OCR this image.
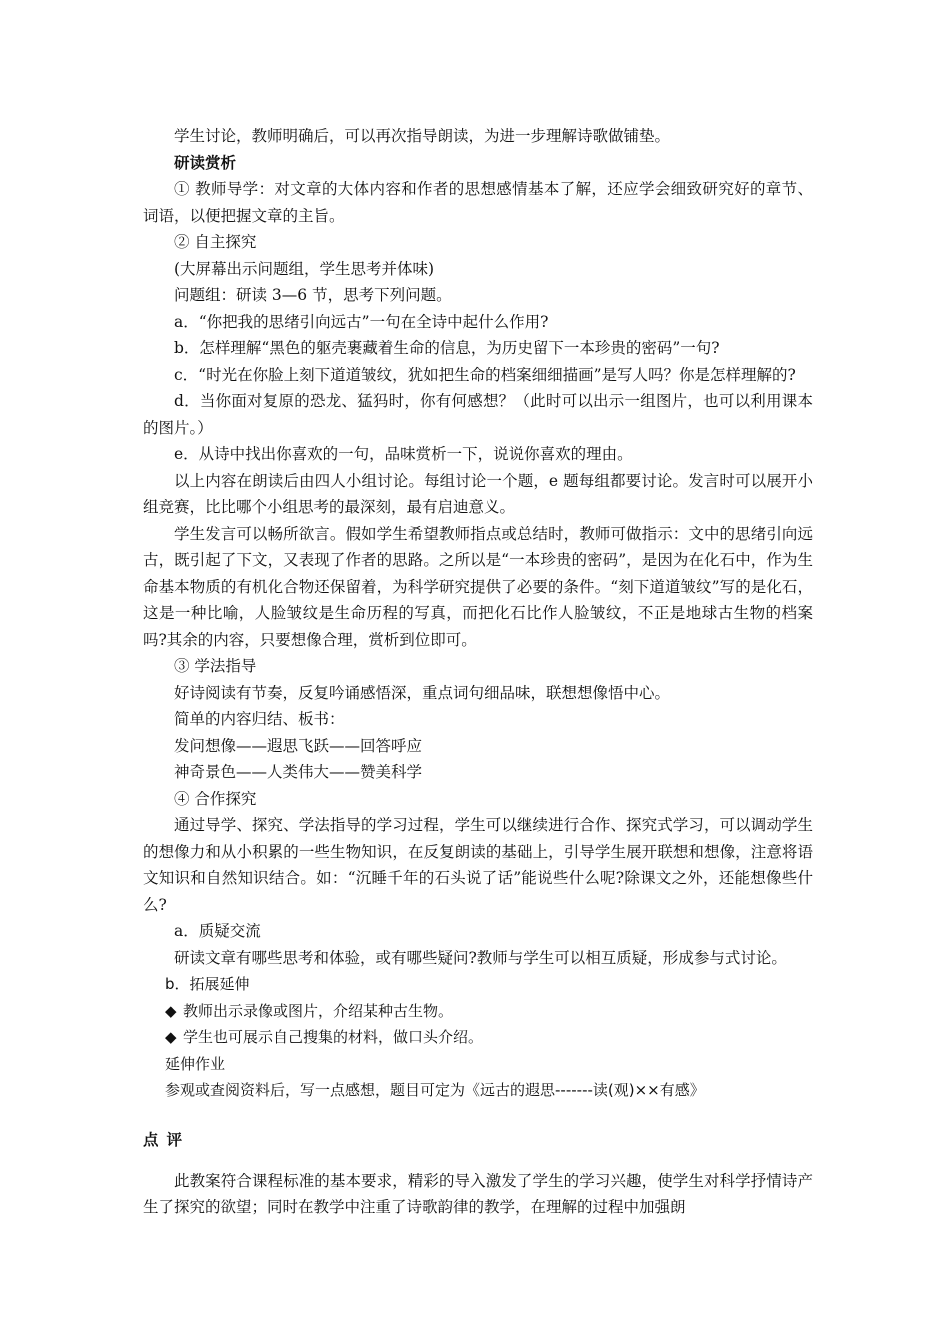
学生讨论，教师明确后，可以再次指导朗读，为进一步理解诗歌做铺垫。

研读赏析

① 教师导学：对文章的大体内容和作者的思想感情基本了解，还应学会细致研究好的章节、词语，以便把握文章的主旨。

② 自主探究

(大屏幕出示问题组，学生思考并体味)

问题组：研读 3—6 节，思考下列问题。

a．“你把我的思绪引向远古”一句在全诗中起什么作用?

b．怎样理解“黑色的躯壳裹藏着生命的信息，为历史留下一本珍贵的密码”一句?

c．“时光在你脸上刻下道道皱纹，犹如把生命的档案细细描画”是写人吗？你是怎样理解的?

d．当你面对复原的恐龙、猛犸时，你有何感想？（此时可以出示一组图片，也可以利用课本的图片。）

e．从诗中找出你喜欢的一句，品味赏析一下，说说你喜欢的理由。

以上内容在朗读后由四人小组讨论。每组讨论一个题，e 题每组都要讨论。发言时可以展开小组竞赛，比比哪个小组思考的最深刻，最有启迪意义。

学生发言可以畅所欲言。假如学生希望教师指点或总结时，教师可做指示：文中的思绪引向远古，既引起了下文，又表现了作者的思路。之所以是“一本珍贵的密码”，是因为在化石中，作为生命基本物质的有机化合物还保留着，为科学研究提供了必要的条件。“刻下道道皱纹”写的是化石，这是一种比喻，人脸皱纹是生命历程的写真，而把化石比作人脸皱纹，不正是地球古生物的档案吗?其余的内容，只要想像合理，赏析到位即可。

③ 学法指导

好诗阅读有节奏，反复吟诵感悟深，重点词句细品味，联想想像悟中心。

简单的内容归结、板书：

发问想像——遐思飞跃——回答呼应

神奇景色——人类伟大——赞美科学

④ 合作探究

通过导学、探究、学法指导的学习过程，学生可以继续进行合作、探究式学习，可以调动学生的想像力和从小积累的一些生物知识，在反复朗读的基础上，引导学生展开联想和想像，注意将语文知识和自然知识结合。如：“沉睡千年的石头说了话”能说些什么呢?除课文之外，还能想像些什么?

a．质疑交流

研读文章有哪些思考和体验，或有哪些疑问?教师与学生可以相互质疑，形成参与式讨论。

b．拓展延伸

◆ 教师出示录像或图片，介绍某种古生物。

◆ 学生也可展示自己搜集的材料，做口头介绍。

延伸作业

参观或查阅资料后，写一点感想，题目可定为《远古的遐思-------读(观)××有感》

点评

此教案符合课程标准的基本要求，精彩的导入激发了学生的学习兴趣，使学生对科学抒情诗产生了探究的欲望；同时在教学中注重了诗歌韵律的教学，在理解的过程中加强朗
